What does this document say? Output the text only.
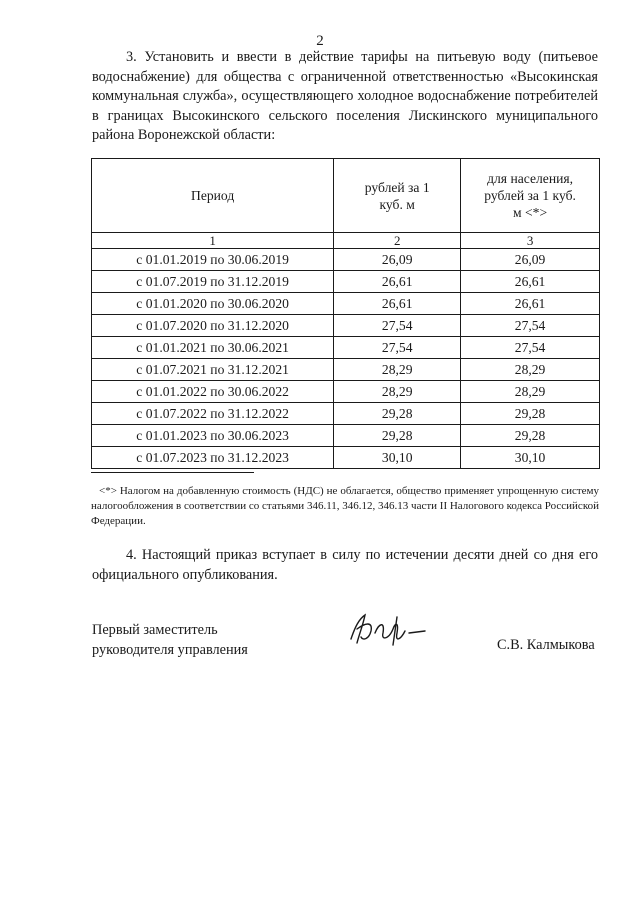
2
3. Установить и ввести в действие тарифы на питьевую воду (питьевое водоснабжение) для общества с ограниченной ответственностью «Высокинская коммунальная служба», осуществляющего холодное водоснабжение потребителей в границах Высокинского сельского поселения Лискинского муниципального района Воронежской области:
Период	рублей за 1 куб. м	для населения, рублей за 1 куб. м <*>
1	2	3
с 01.01.2019 по 30.06.2019	26,09	26,09
с 01.07.2019 по 31.12.2019	26,61	26,61
с 01.01.2020 по 30.06.2020	26,61	26,61
с 01.07.2020 по 31.12.2020	27,54	27,54
с 01.01.2021 по 30.06.2021	27,54	27,54
с 01.07.2021 по 31.12.2021	28,29	28,29
с 01.01.2022 по 30.06.2022	28,29	28,29
с 01.07.2022 по 31.12.2022	29,28	29,28
с 01.01.2023 по 30.06.2023	29,28	29,28
с 01.07.2023 по 31.12.2023	30,10	30,10
<*> Налогом на добавленную стоимость (НДС) не облагается, общество применяет упрощенную систему налогообложения в соответствии со статьями 346.11, 346.12, 346.13 части II Налогового кодекса Российской Федерации.
4. Настоящий приказ вступает в силу по истечении десяти дней со дня его официального опубликования.
Первый заместитель
руководителя управления	С.В. Калмыкова
